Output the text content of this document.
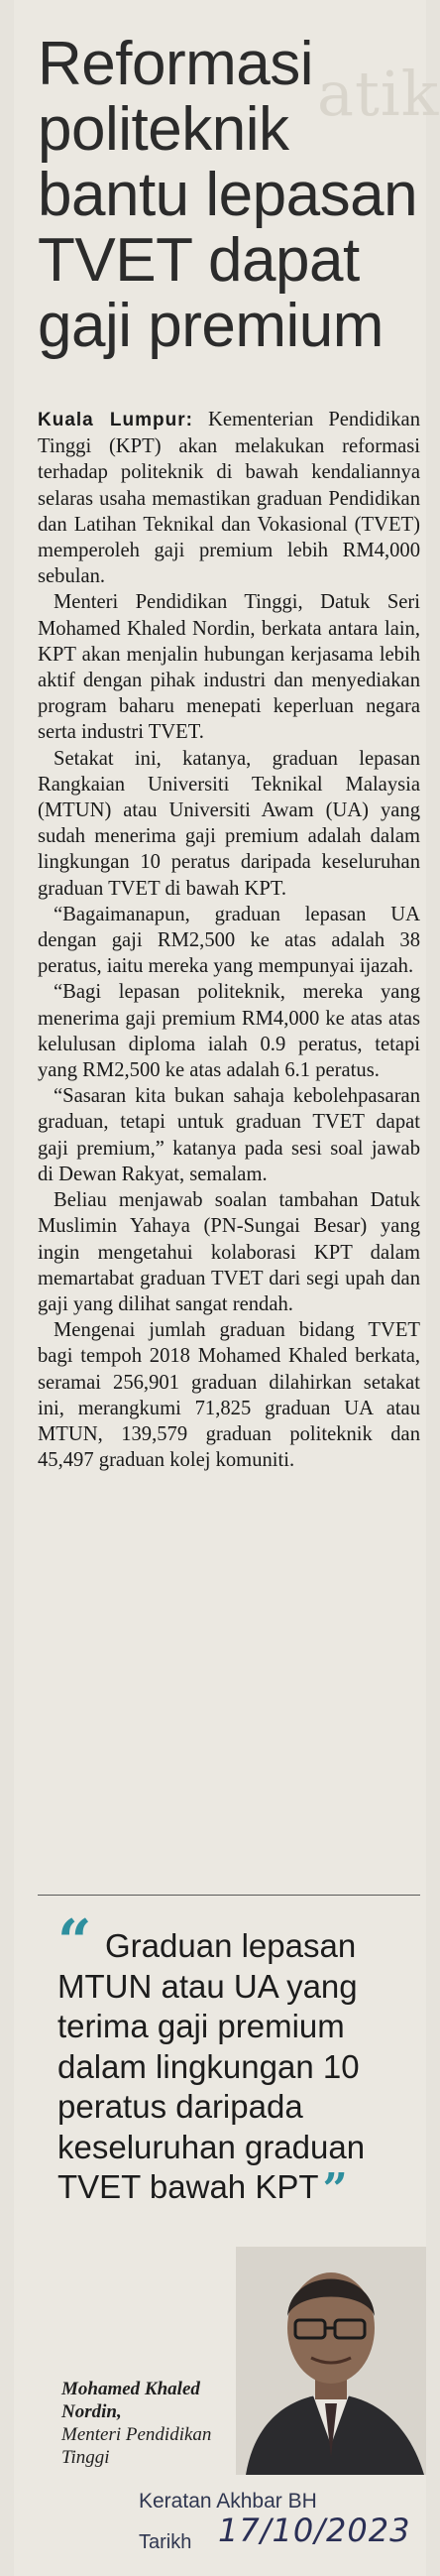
atik
Reformasi
politeknik
bantu lepasan
TVET dapat
gaji premium

Kuala Lumpur: Kementerian Pendidikan Tinggi (KPT) akan melakukan reformasi terhadap politeknik di bawah kendaliannya selaras usaha memastikan graduan Pendidikan dan Latihan Teknikal dan Vokasional (TVET) memperoleh gaji premium lebih RM4,000 sebulan.

Menteri Pendidikan Tinggi, Datuk Seri Mohamed Khaled Nordin, berkata antara lain, KPT akan menjalin hubungan kerjasama lebih aktif dengan pihak industri dan menyediakan program baharu menepati keperluan negara serta industri TVET.

Setakat ini, katanya, graduan lepasan Rangkaian Universiti Teknikal Malaysia (MTUN) atau Universiti Awam (UA) yang sudah menerima gaji premium adalah dalam lingkungan 10 peratus daripada keseluruhan graduan TVET di bawah KPT.

“Bagaimanapun, graduan lepasan UA dengan gaji RM2,500 ke atas adalah 38 peratus, iaitu mereka yang mempunyai ijazah.

“Bagi lepasan politeknik, mereka yang menerima gaji premium RM4,000 ke atas atas kelulusan diploma ialah 0.9 peratus, tetapi yang RM2,500 ke atas adalah 6.1 peratus.

“Sasaran kita bukan sahaja kebolehpasaran graduan, tetapi untuk graduan TVET dapat gaji premium,” katanya pada sesi soal jawab di Dewan Rakyat, semalam.

Beliau menjawab soalan tambahan Datuk Muslimin Yahaya (PN-Sungai Besar) yang ingin mengetahui kolaborasi KPT dalam memartabat graduan TVET dari segi upah dan gaji yang dilihat sangat rendah.

Mengenai jumlah graduan bidang TVET bagi tempoh 2018 Mohamed Khaled berkata, seramai 256,901 graduan dilahirkan setakat ini, merangkumi 71,825 graduan UA atau MTUN, 139,579 graduan politeknik dan 45,497 graduan kolej komuniti.

“ Graduan lepasan MTUN atau UA yang terima gaji premium dalam lingkungan 10 peratus daripada keseluruhan graduan TVET bawah KPT”
Mohamed Khaled Nordin,
Menteri Pendidikan Tinggi
Keratan Akhbar BH
Tarikh 17/10/2023
